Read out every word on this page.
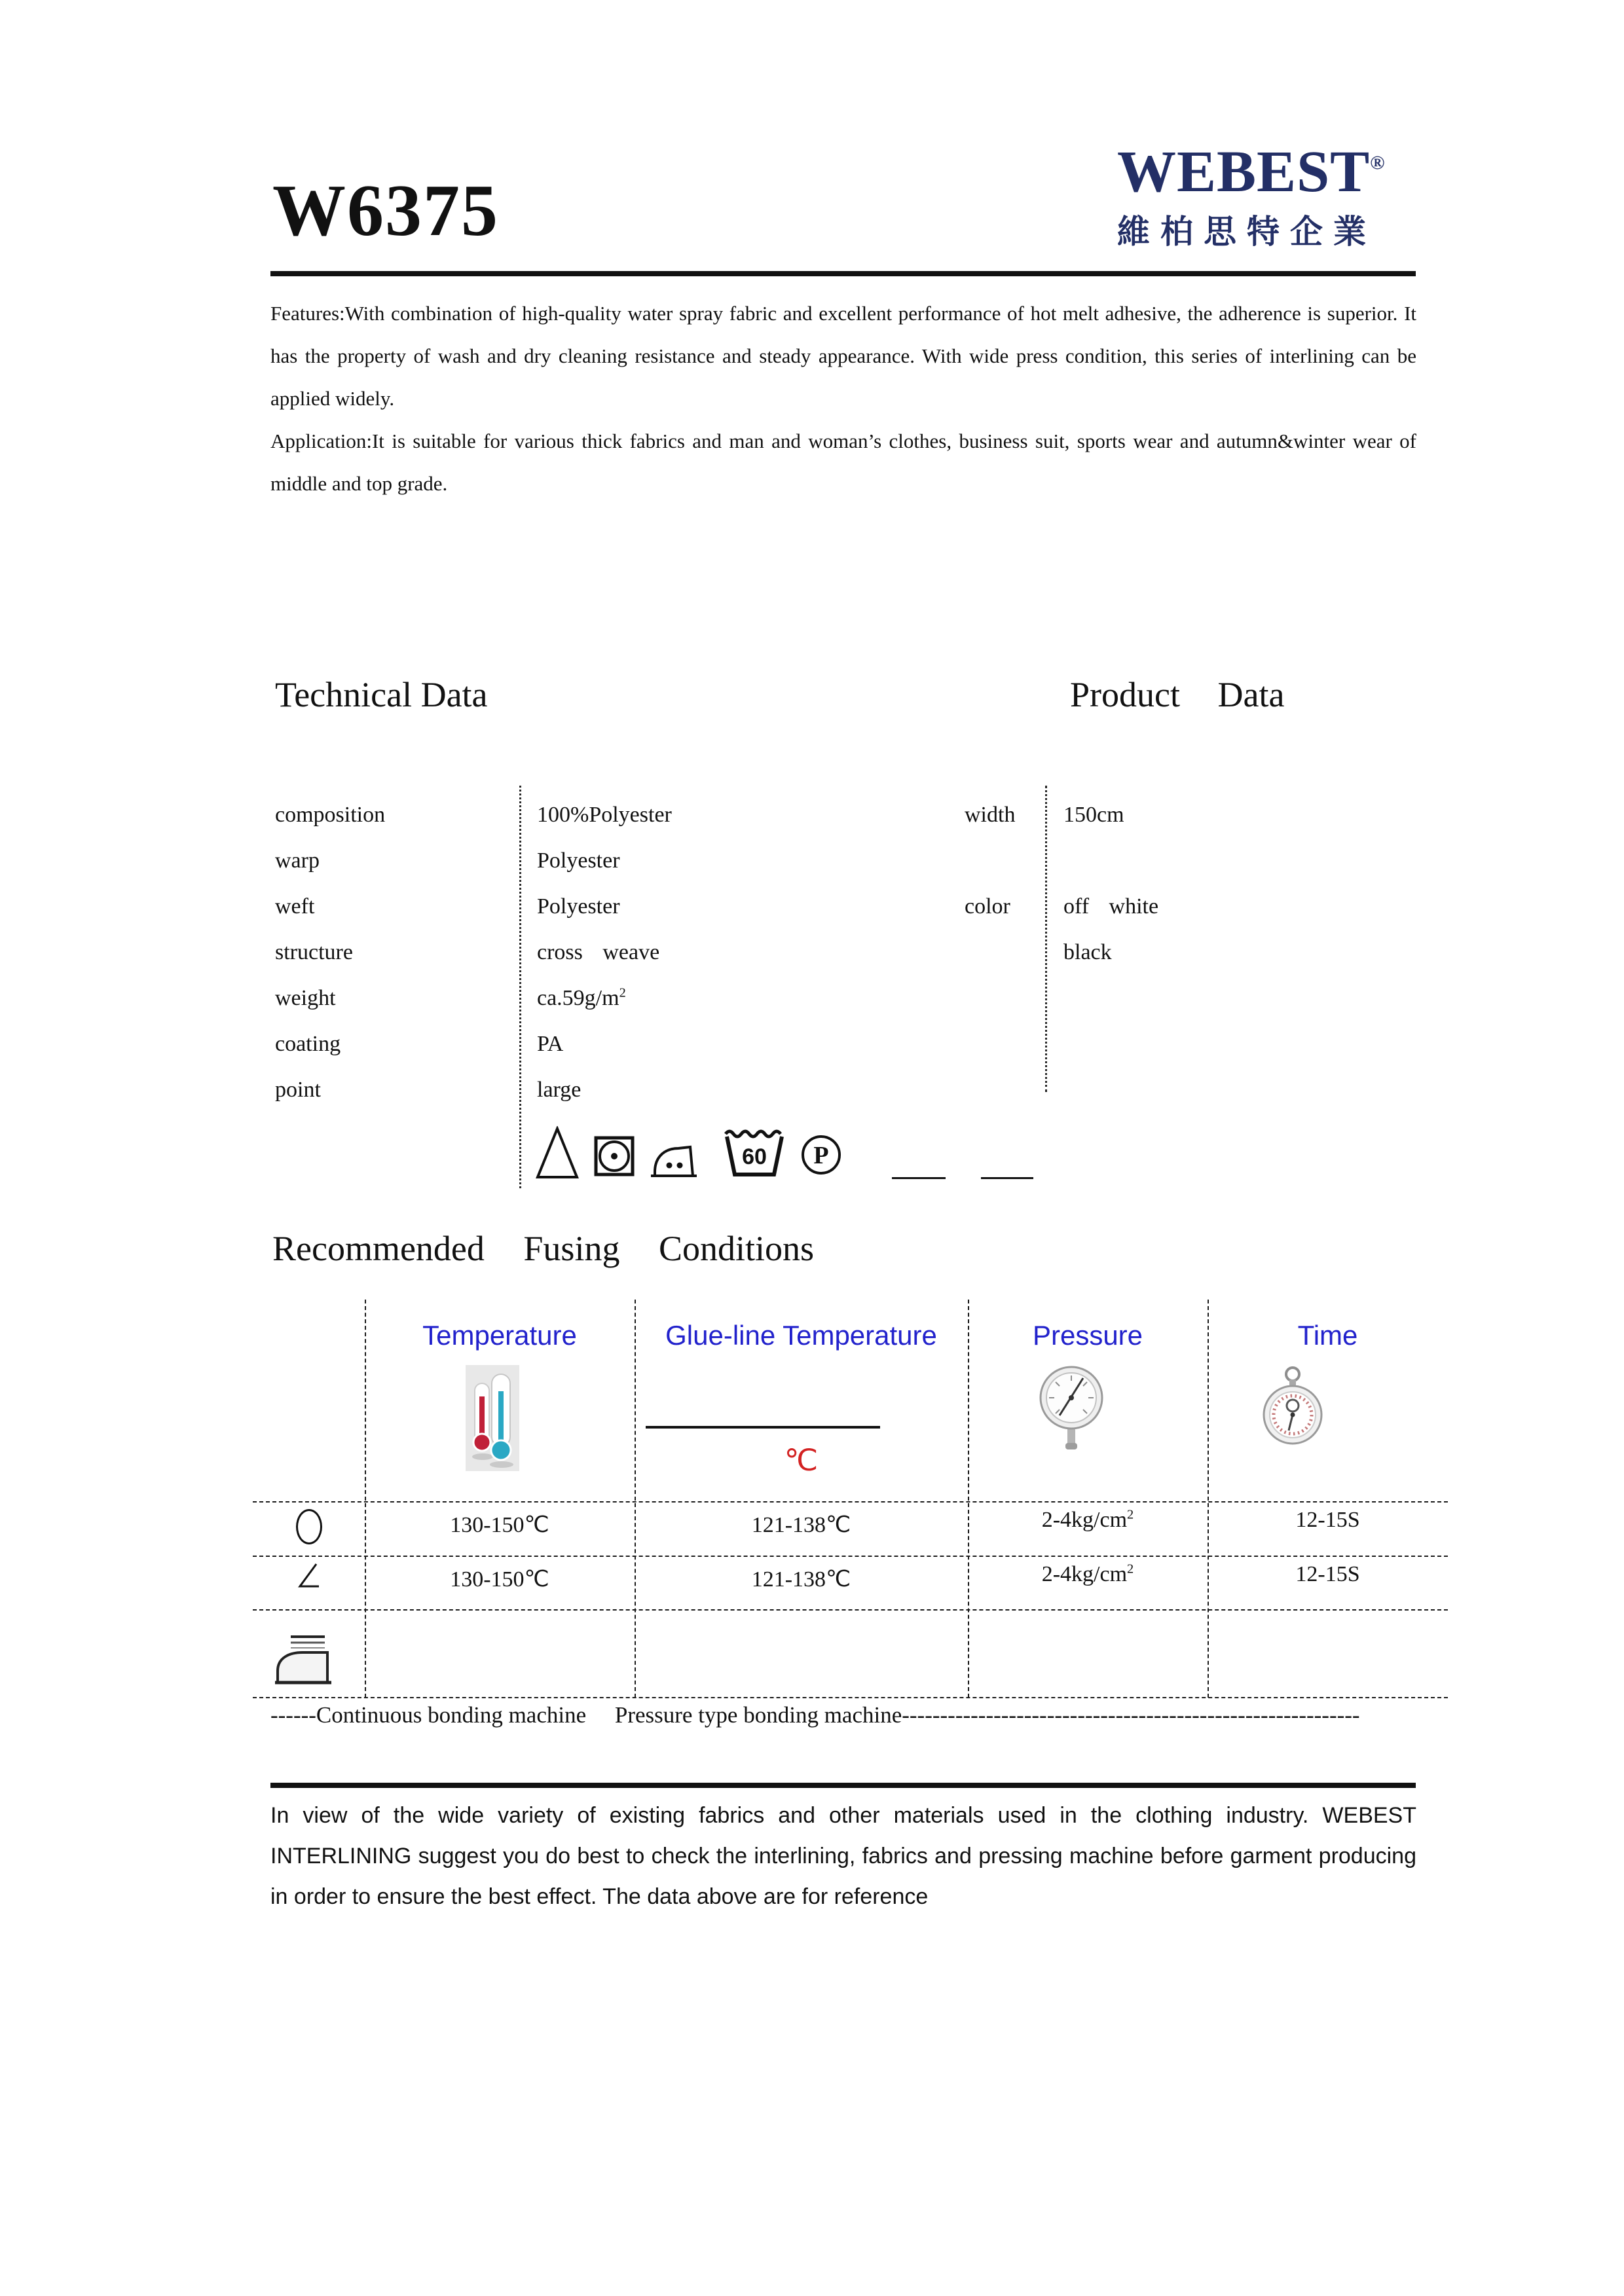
W6375	WEBEST®
維柏思特企業

Features:With combination of high-quality water spray fabric and excellent performance of hot melt adhesive, the adherence is superior. It has the property of wash and dry cleaning resistance and steady appearance. With wide press condition, this series of interlining can be applied widely.

Application:It is suitable for various thick fabrics and man and woman’s clothes, business suit, sports wear and autumn&winter wear of middle and top grade.

Technical Data	Product Data
composition	100%Polyester
warp	Polyester
weft	Polyester
structure	cross weave
weight	$ca.59g/m^2$
coating	PA
point	large
60 P
width 150cm
color off white
black
Recommended Fusing Conditions
Temperature	Glue-line Temperature	Pressure	Time
℃
130-150℃	121-138℃	$2-4kg/cm^2$	12-15S
130-150℃	121-138℃	$2-4kg/cm^2$	12-15S
------Continuous bonding machine     Pressure type bonding machine------------------------------------------------------------

In view of the wide variety of existing fabrics and other materials used in the clothing industry. WEBEST INTERLINING suggest you do best to check the interlining, fabrics and pressing machine before garment producing in order to ensure the best effect. The data above are for reference
